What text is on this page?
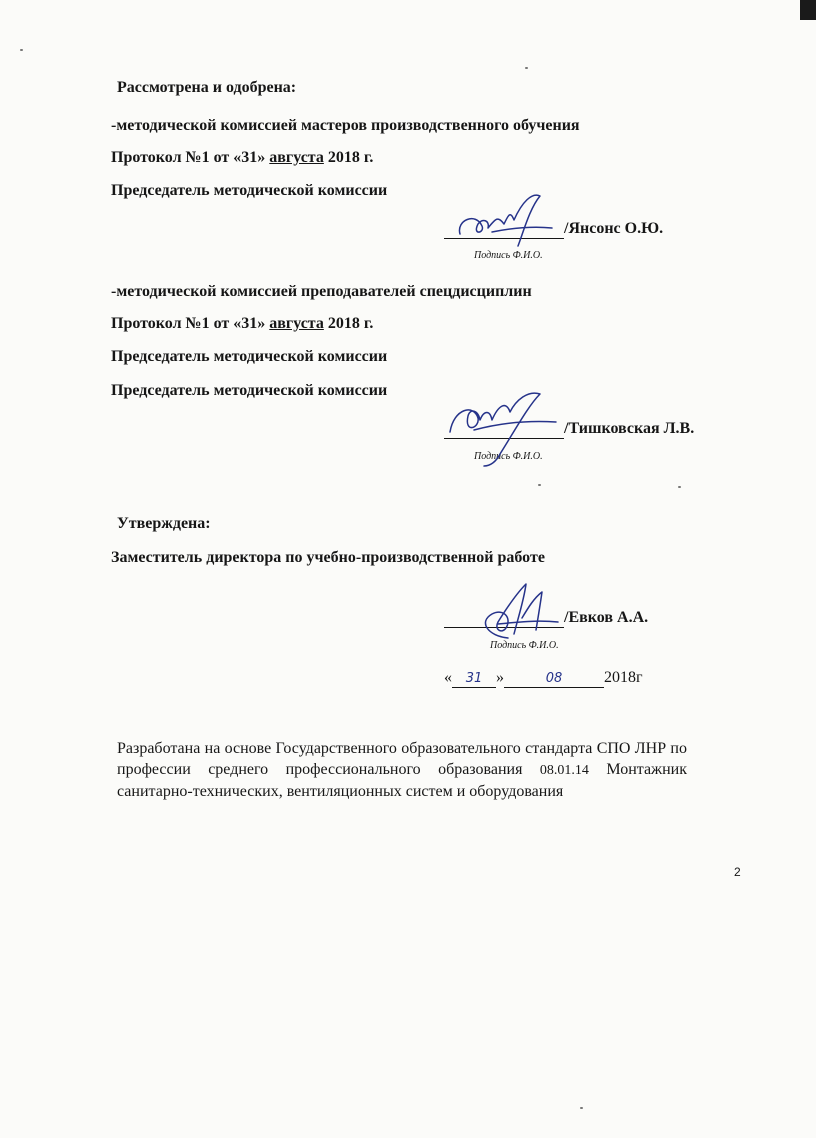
Рассмотрена и одобрена:
-методической комиссией мастеров производственного обучения
Протокол №1 от «31» августа 2018 г.
Председатель методической комиссии
/Янсонс О.Ю.
Подпись Ф.И.О.
-методической комиссией преподавателей спецдисциплин
Протокол №1 от «31» августа 2018 г.
Председатель методической комиссии
Председатель методической комиссии
/Тишковская Л.В.
Подпись Ф.И.О.
Утверждена:
Заместитель директора по учебно-производственной работе
/Евков А.А.
Подпись Ф.И.О.
« 31 »	08	2018г
Разработана на основе Государственного образовательного стандарта СПО ЛНР по профессии среднего профессионального образования 08.01.14 Монтажник санитарно-технических, вентиляционных систем и оборудования
2
